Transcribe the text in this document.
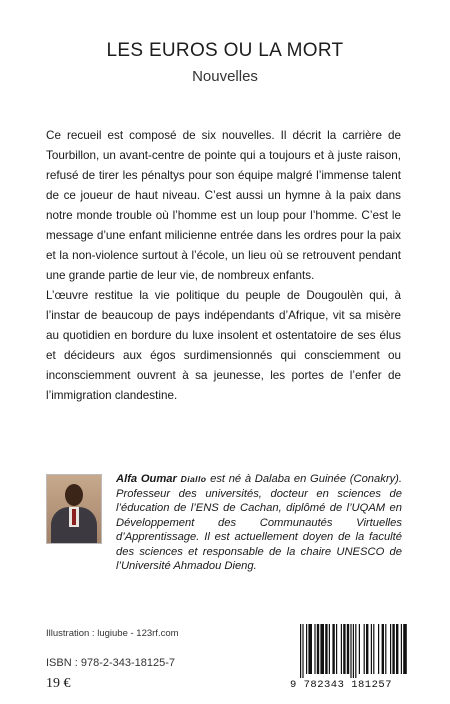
LES EUROS OU LA MORT
Nouvelles

Ce recueil est composé de six nouvelles. Il décrit la carrière de Tourbillon, un avant-centre de pointe qui a toujours et à juste raison, refusé de tirer les pénaltys pour son équipe malgré l’immense talent de ce joueur de haut niveau. C’est aussi un hymne à la paix dans notre monde trouble où l’homme est un loup pour l’homme. C’est le message d’une enfant milicienne entrée dans les ordres pour la paix et la non-violence surtout à l’école, un lieu où se retrouvent pendant une grande partie de leur vie, de nombreux enfants.

L’œuvre restitue la vie politique du peuple de Dougoulèn qui, à l’instar de beaucoup de pays indépendants d’Afrique, vit sa misère au quotidien en bordure du luxe insolent et ostentatoire de ses élus et décideurs aux égos surdimensionnés qui consciemment ou inconsciemment ouvrent à sa jeunesse, les portes de l’enfer de l’immigration clandestine.

Alfa Oumar Diallo est né à Dalaba en Guinée (Conakry). Professeur des universités, docteur en sciences de l’éducation de l’ENS de Cachan, diplômé de l’UQAM en Développement des Communautés Virtuelles d’Apprentissage. Il est actuellement doyen de la faculté des sciences et responsable de la chaire UNESCO de l’Université Ahmadou Dieng.
Illustration : lugiube - 123rf.com
ISBN : 978-2-343-18125-7
19 €	9 782343 181257
